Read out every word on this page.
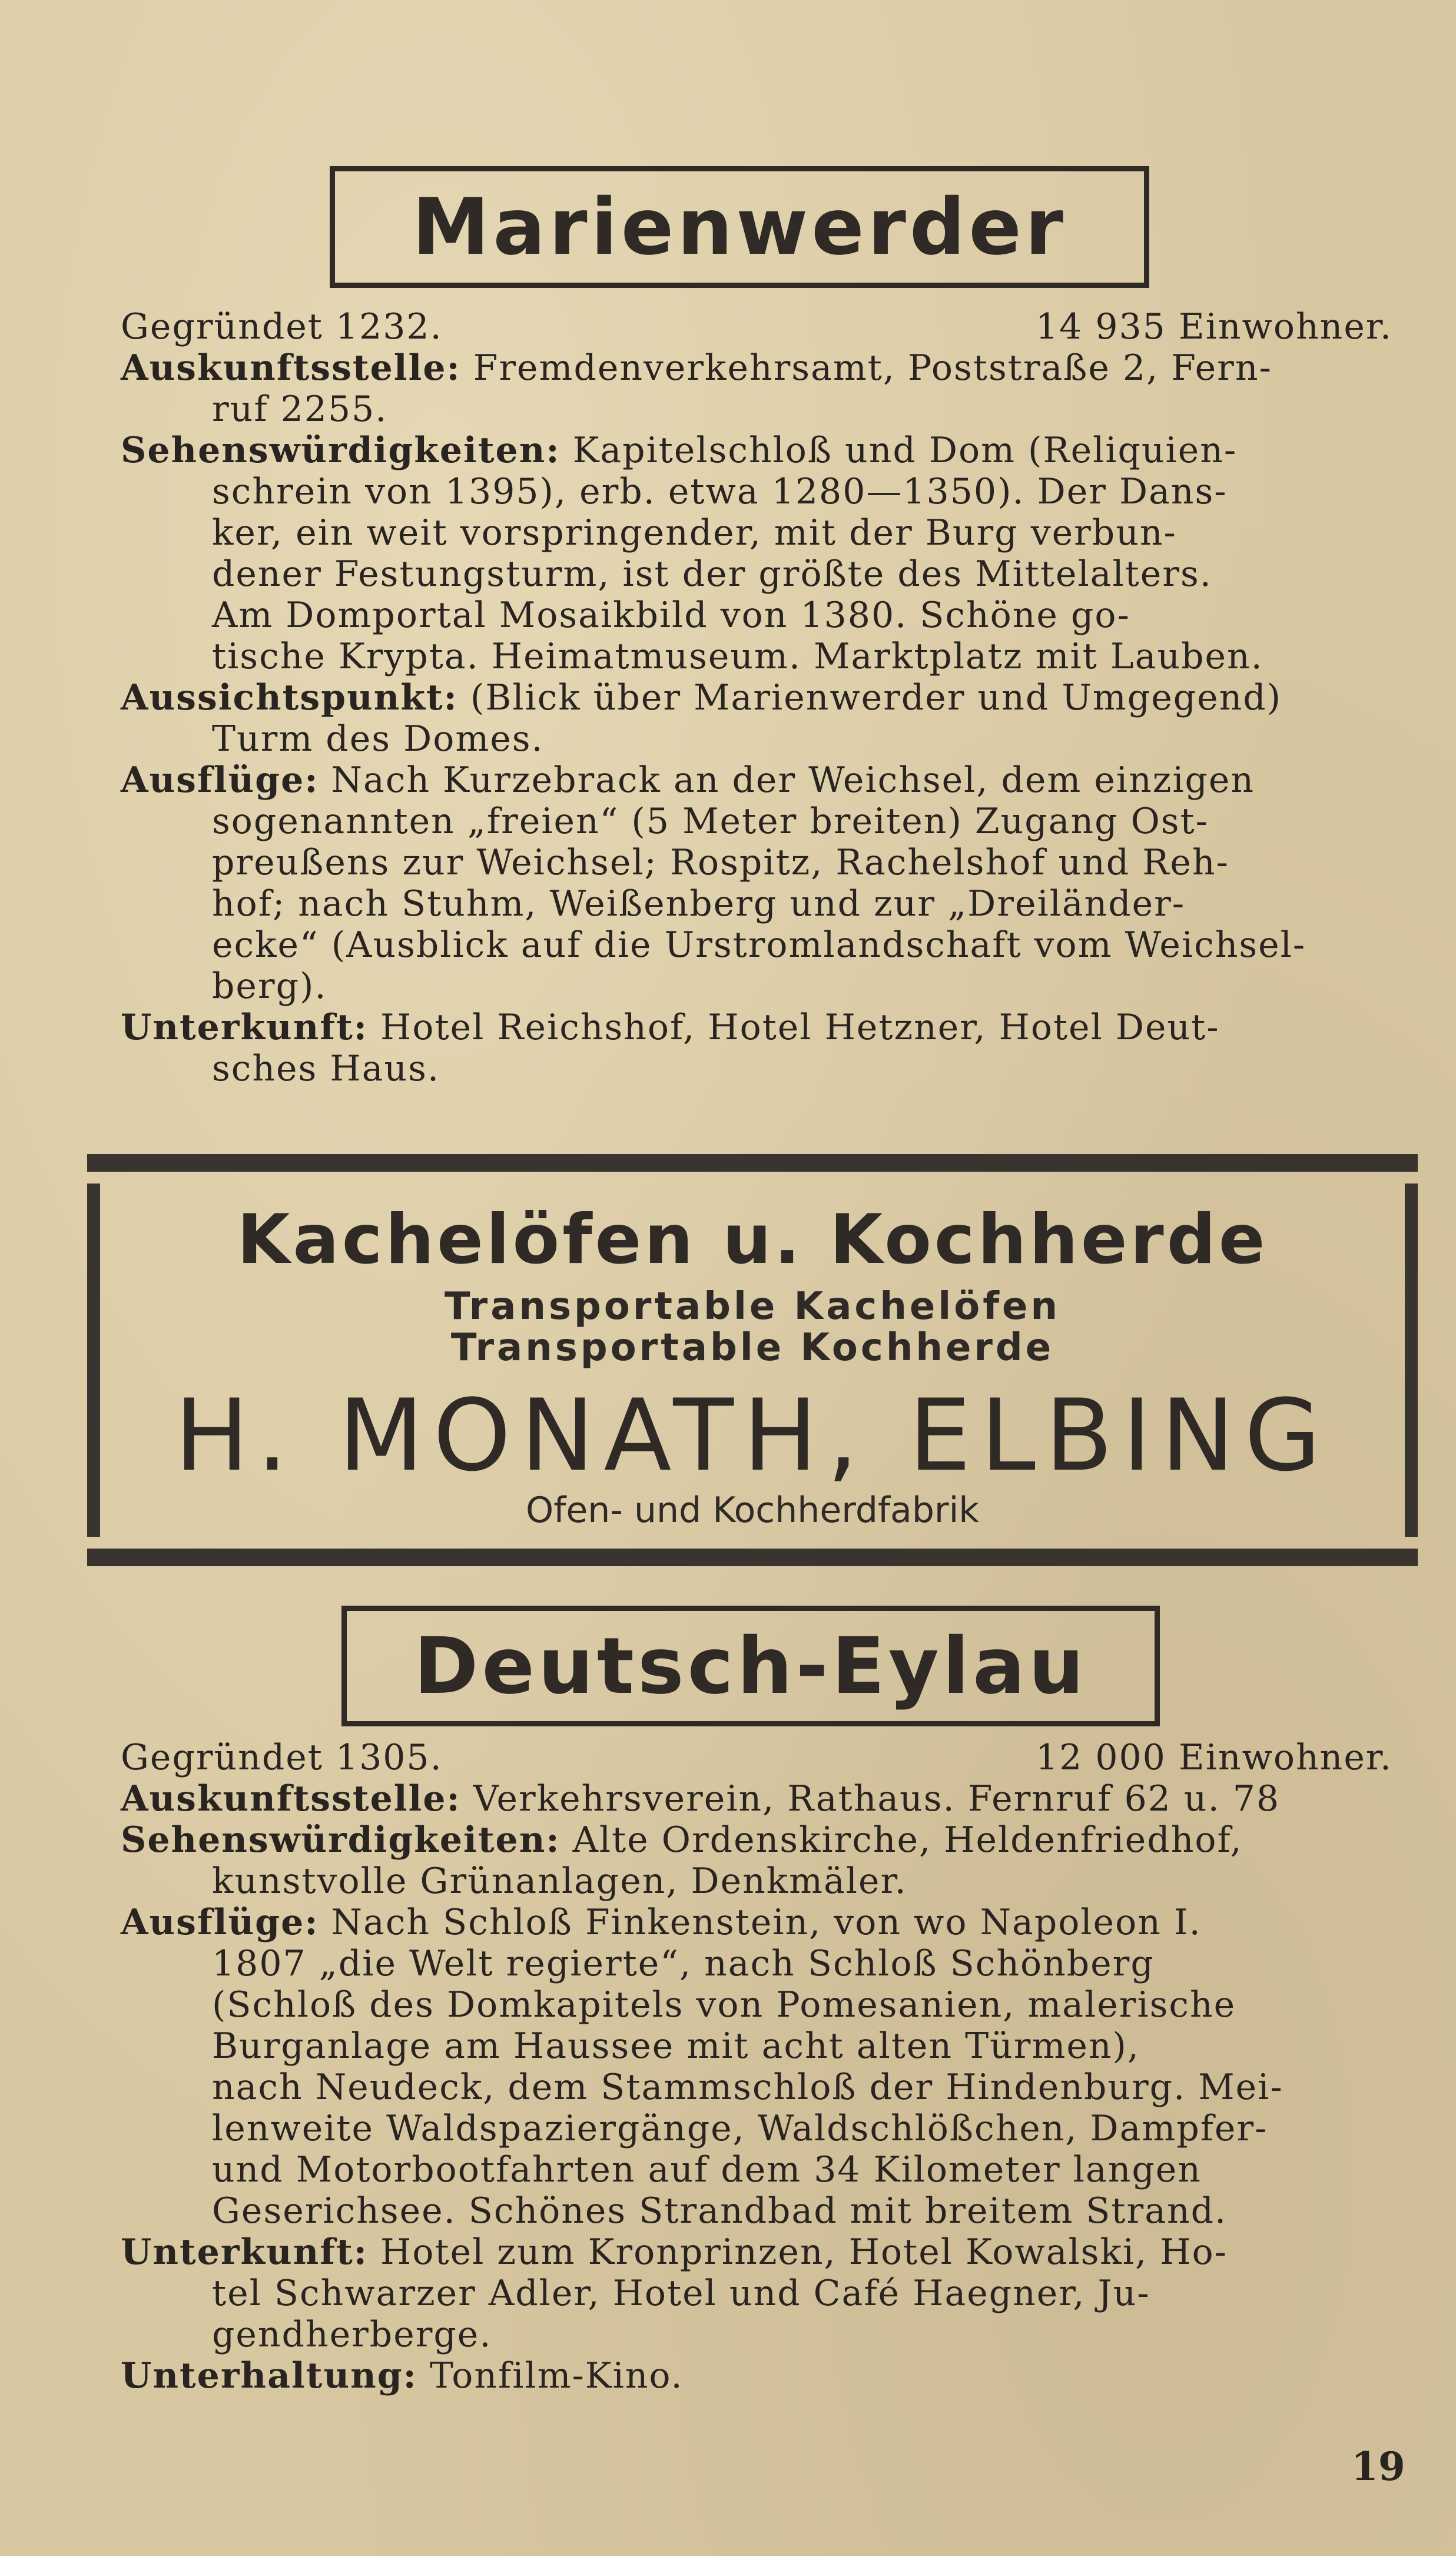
Marienwerder
Gegründet 1232.	14 935 Einwohner.
Auskunftsstelle: Fremdenverkehrsamt, Poststraße 2, Fern-
ruf 2255.
Sehenswürdigkeiten: Kapitelschloß und Dom (Reliquien-
schrein von 1395), erb. etwa 1280—1350). Der Dans-
ker, ein weit vorspringender, mit der Burg verbun-
dener Festungsturm, ist der größte des Mittelalters.
Am Domportal Mosaikbild von 1380. Schöne go-
tische Krypta. Heimatmuseum. Marktplatz mit Lauben.
Aussichtspunkt: (Blick über Marienwerder und Umgegend)
Turm des Domes.
Ausflüge: Nach Kurzebrack an der Weichsel, dem einzigen
sogenannten „freien“ (5 Meter breiten) Zugang Ost-
preußens zur Weichsel; Rospitz, Rachelshof und Reh-
hof; nach Stuhm, Weißenberg und zur „Dreiländer-
ecke“ (Ausblick auf die Urstromlandschaft vom Weichsel-
berg).
Unterkunft: Hotel Reichshof, Hotel Hetzner, Hotel Deut-
sches Haus.
Kachelöfen u. Kochherde
Transportable Kachelöfen
Transportable Kochherde
H. MONATH, ELBING
Ofen- und Kochherdfabrik
Deutsch-Eylau
Gegründet 1305.	12 000 Einwohner.
Auskunftsstelle: Verkehrsverein, Rathaus. Fernruf 62 u. 78
Sehenswürdigkeiten: Alte Ordenskirche, Heldenfriedhof,
kunstvolle Grünanlagen, Denkmäler.
Ausflüge: Nach Schloß Finkenstein, von wo Napoleon I.
1807 „die Welt regierte“, nach Schloß Schönberg
(Schloß des Domkapitels von Pomesanien, malerische
Burganlage am Haussee mit acht alten Türmen),
nach Neudeck, dem Stammschloß der Hindenburg. Mei-
lenweite Waldspaziergänge, Waldschlößchen, Dampfer-
und Motorbootfahrten auf dem 34 Kilometer langen
Geserichsee. Schönes Strandbad mit breitem Strand.
Unterkunft: Hotel zum Kronprinzen, Hotel Kowalski, Ho-
tel Schwarzer Adler, Hotel und Café Haegner, Ju-
gendherberge.
Unterhaltung: Tonfilm-Kino.
19
